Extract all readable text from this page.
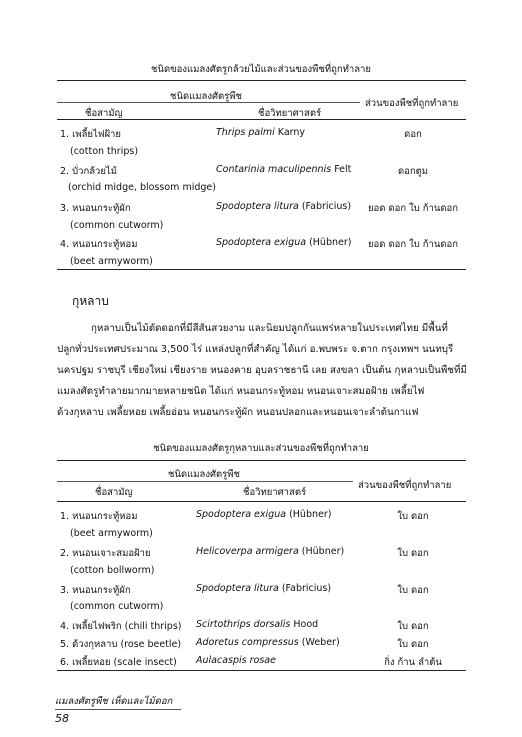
ชนิดของแมลงศัตรูกล้วยไม้และส่วนของพืชที่ถูกทำลาย
ชนิดแมลงศัตรูพืช
ส่วนของพืชที่ถูกทำลาย
ชื่อสามัญ	ชื่อวิทยาศาสตร์
1. เพลี้ยไฟฝ้าย
(cotton thrips)
Thrips palmi Karny	ดอก
2. บั่วกล้วยไม้
(orchid midge, blossom midge)
Contarinia maculipennis Felt	ดอกตูม
3. หนอนกระทู้ผัก
(common cutworm)
Spodoptera litura (Fabricius)	ยอด ดอก ใบ ก้านดอก
4. หนอนกระทู้หอม
(beet armyworm)
Spodoptera exigua (Hübner)	ยอด ดอก ใบ ก้านดอก
กุหลาบ
กุหลาบเป็นไม้ตัดดอกที่มีสีสันสวยงาม และนิยมปลูกกันแพร่หลายในประเทศไทย มีพื้นที่
ปลูกทั่วประเทศประมาณ 3,500 ไร่ แหล่งปลูกที่สำคัญ ได้แก่ อ.พบพระ จ.ตาก กรุงเทพฯ นนทบุรี
นครปฐม ราชบุรี เชียงใหม่ เชียงราย หนองคาย อุบลราชธานี เลย สงขลา เป็นต้น กุหลาบเป็นพืชที่มี
แมลงศัตรูทำลายมากมายหลายชนิด ได้แก่ หนอนกระทู้หอม หนอนเจาะสมอฝ้าย เพลี้ยไฟ
ด้วงกุหลาบ เพลี้ยหอย เพลี้ยอ่อน หนอนกระทู้ผัก หนอนปลอกและหนอนเจาะลำต้นกาแฟ
ชนิดของแมลงศัตรูกุหลาบและส่วนของพืชที่ถูกทำลาย
ชนิดแมลงศัตรูพืช
ส่วนของพืชที่ถูกทำลาย
ชื่อสามัญ	ชื่อวิทยาศาสตร์
1. หนอนกระทู้หอม
(beet armyworm)
Spodoptera exigua (Hübner)	ใบ ดอก
2. หนอนเจาะสมอฝ้าย
(cotton bollworm)
Helicoverpa armigera (Hübner)	ใบ ดอก
3. หนอนกระทู้ผัก
(common cutworm)
Spodoptera litura (Fabricius)	ใบ ดอก
4. เพลี้ยไฟพริก (chili thrips) Scirtothrips dorsalis Hood	ใบ ดอก
5. ด้วงกุหลาบ (rose beetle) Adoretus compressus (Weber)	ใบ ดอก
6. เพลี้ยหอย (scale insect) Aulacaspis rosae	กิ่ง ก้าน ลำต้น
แมลงศัตรูพืช เห็ดและไม้ดอก
58
